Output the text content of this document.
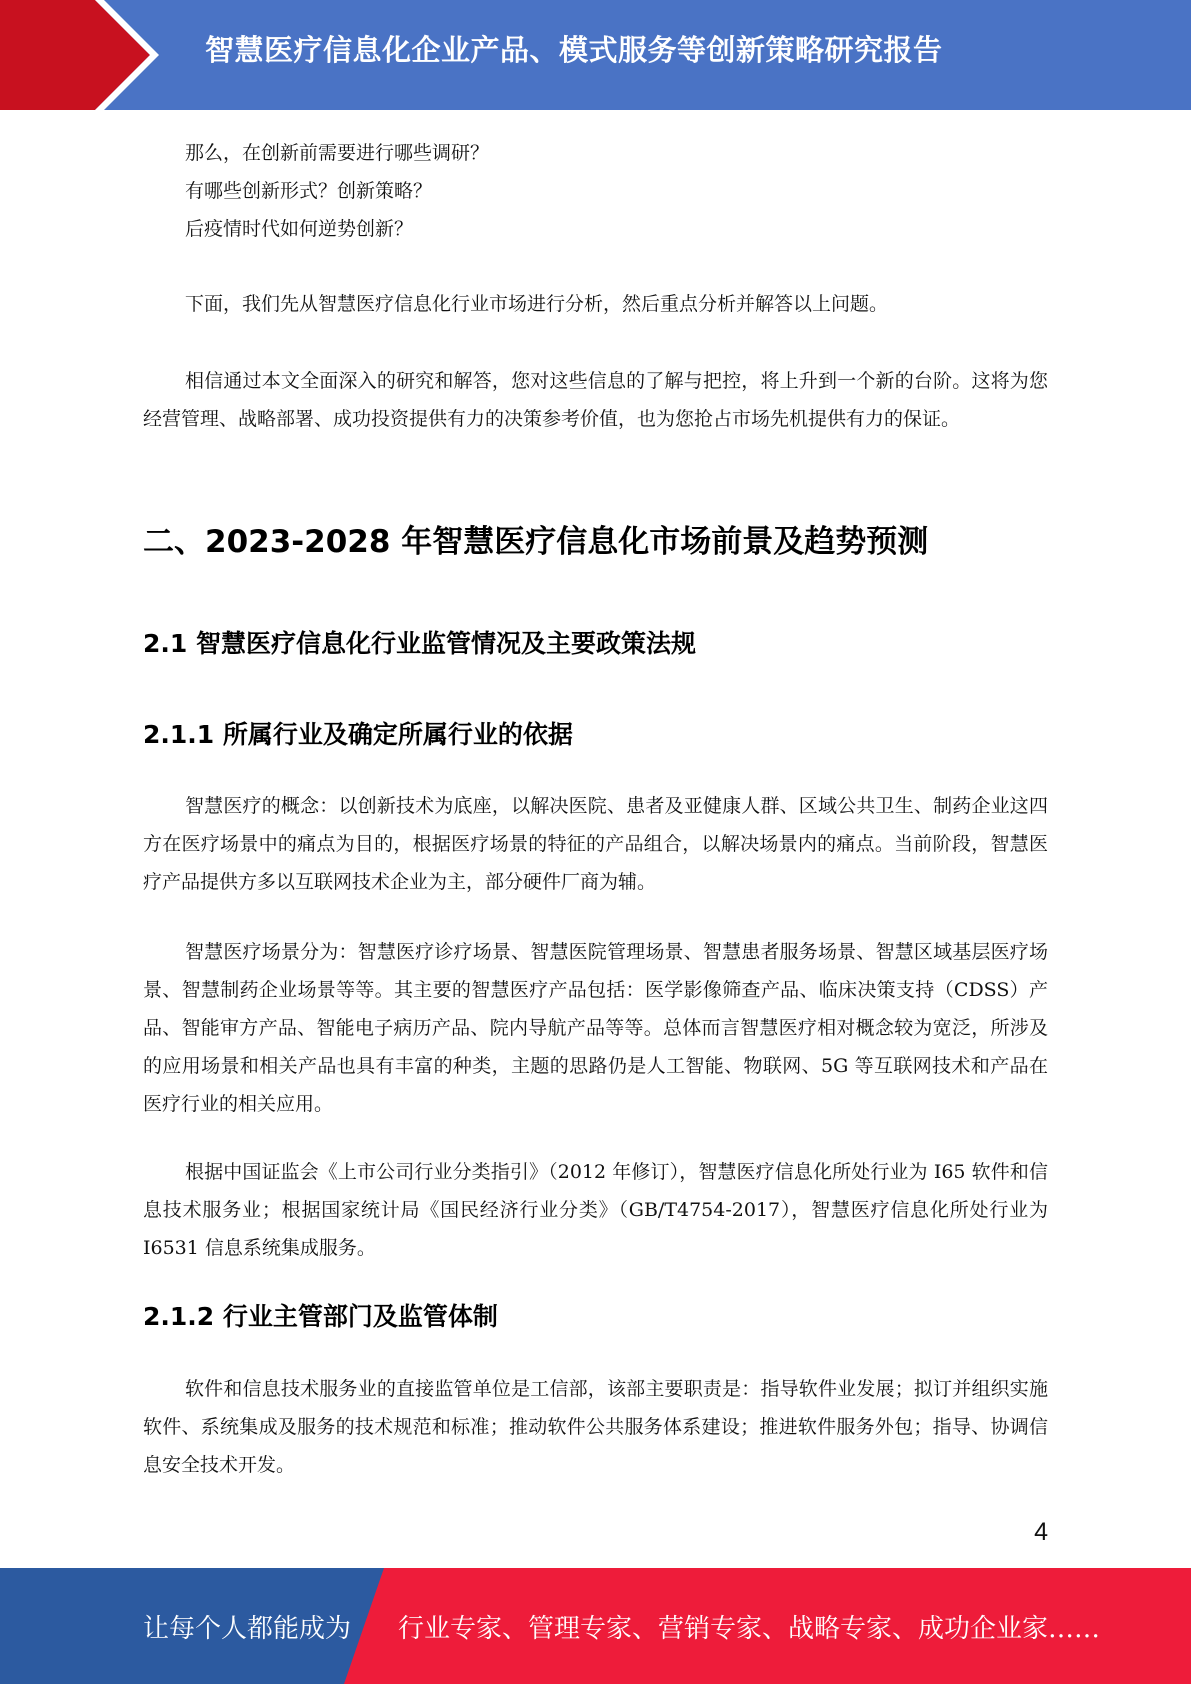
智慧医疗信息化企业产品、模式服务等创新策略研究报告
那么，在创新前需要进行哪些调研？
有哪些创新形式？创新策略？
后疫情时代如何逆势创新？
下面，我们先从智慧医疗信息化行业市场进行分析，然后重点分析并解答以上问题。
相信通过本文全面深入的研究和解答，您对这些信息的了解与把控，将上升到一个新的台阶。这将为您经营管理、战略部署、成功投资提供有力的决策参考价值，也为您抢占市场先机提供有力的保证。
二、2023-2028 年智慧医疗信息化市场前景及趋势预测
2.1 智慧医疗信息化行业监管情况及主要政策法规
2.1.1 所属行业及确定所属行业的依据
智慧医疗的概念：以创新技术为底座，以解决医院、患者及亚健康人群、区域公共卫生、制药企业这四方在医疗场景中的痛点为目的，根据医疗场景的特征的产品组合，以解决场景内的痛点。当前阶段，智慧医疗产品提供方多以互联网技术企业为主，部分硬件厂商为辅。
智慧医疗场景分为：智慧医疗诊疗场景、智慧医院管理场景、智慧患者服务场景、智慧区域基层医疗场景、智慧制药企业场景等等。其主要的智慧医疗产品包括：医学影像筛查产品、临床决策支持（CDSS）产品、智能审方产品、智能电子病历产品、院内导航产品等等。总体而言智慧医疗相对概念较为宽泛，所涉及的应用场景和相关产品也具有丰富的种类，主题的思路仍是人工智能、物联网、5G 等互联网技术和产品在医疗行业的相关应用。
根据中国证监会《上市公司行业分类指引》（2012 年修订），智慧医疗信息化所处行业为 I65 软件和信息技术服务业；根据国家统计局《国民经济行业分类》（GB/T4754-2017），智慧医疗信息化所处行业为 I6531 信息系统集成服务。
2.1.2 行业主管部门及监管体制
软件和信息技术服务业的直接监管单位是工信部，该部主要职责是：指导软件业发展；拟订并组织实施软件、系统集成及服务的技术规范和标准；推动软件公共服务体系建设；推进软件服务外包；指导、协调信息安全技术开发。
4
让每个人都能成为 行业专家、管理专家、营销专家、战略专家、成功企业家……
